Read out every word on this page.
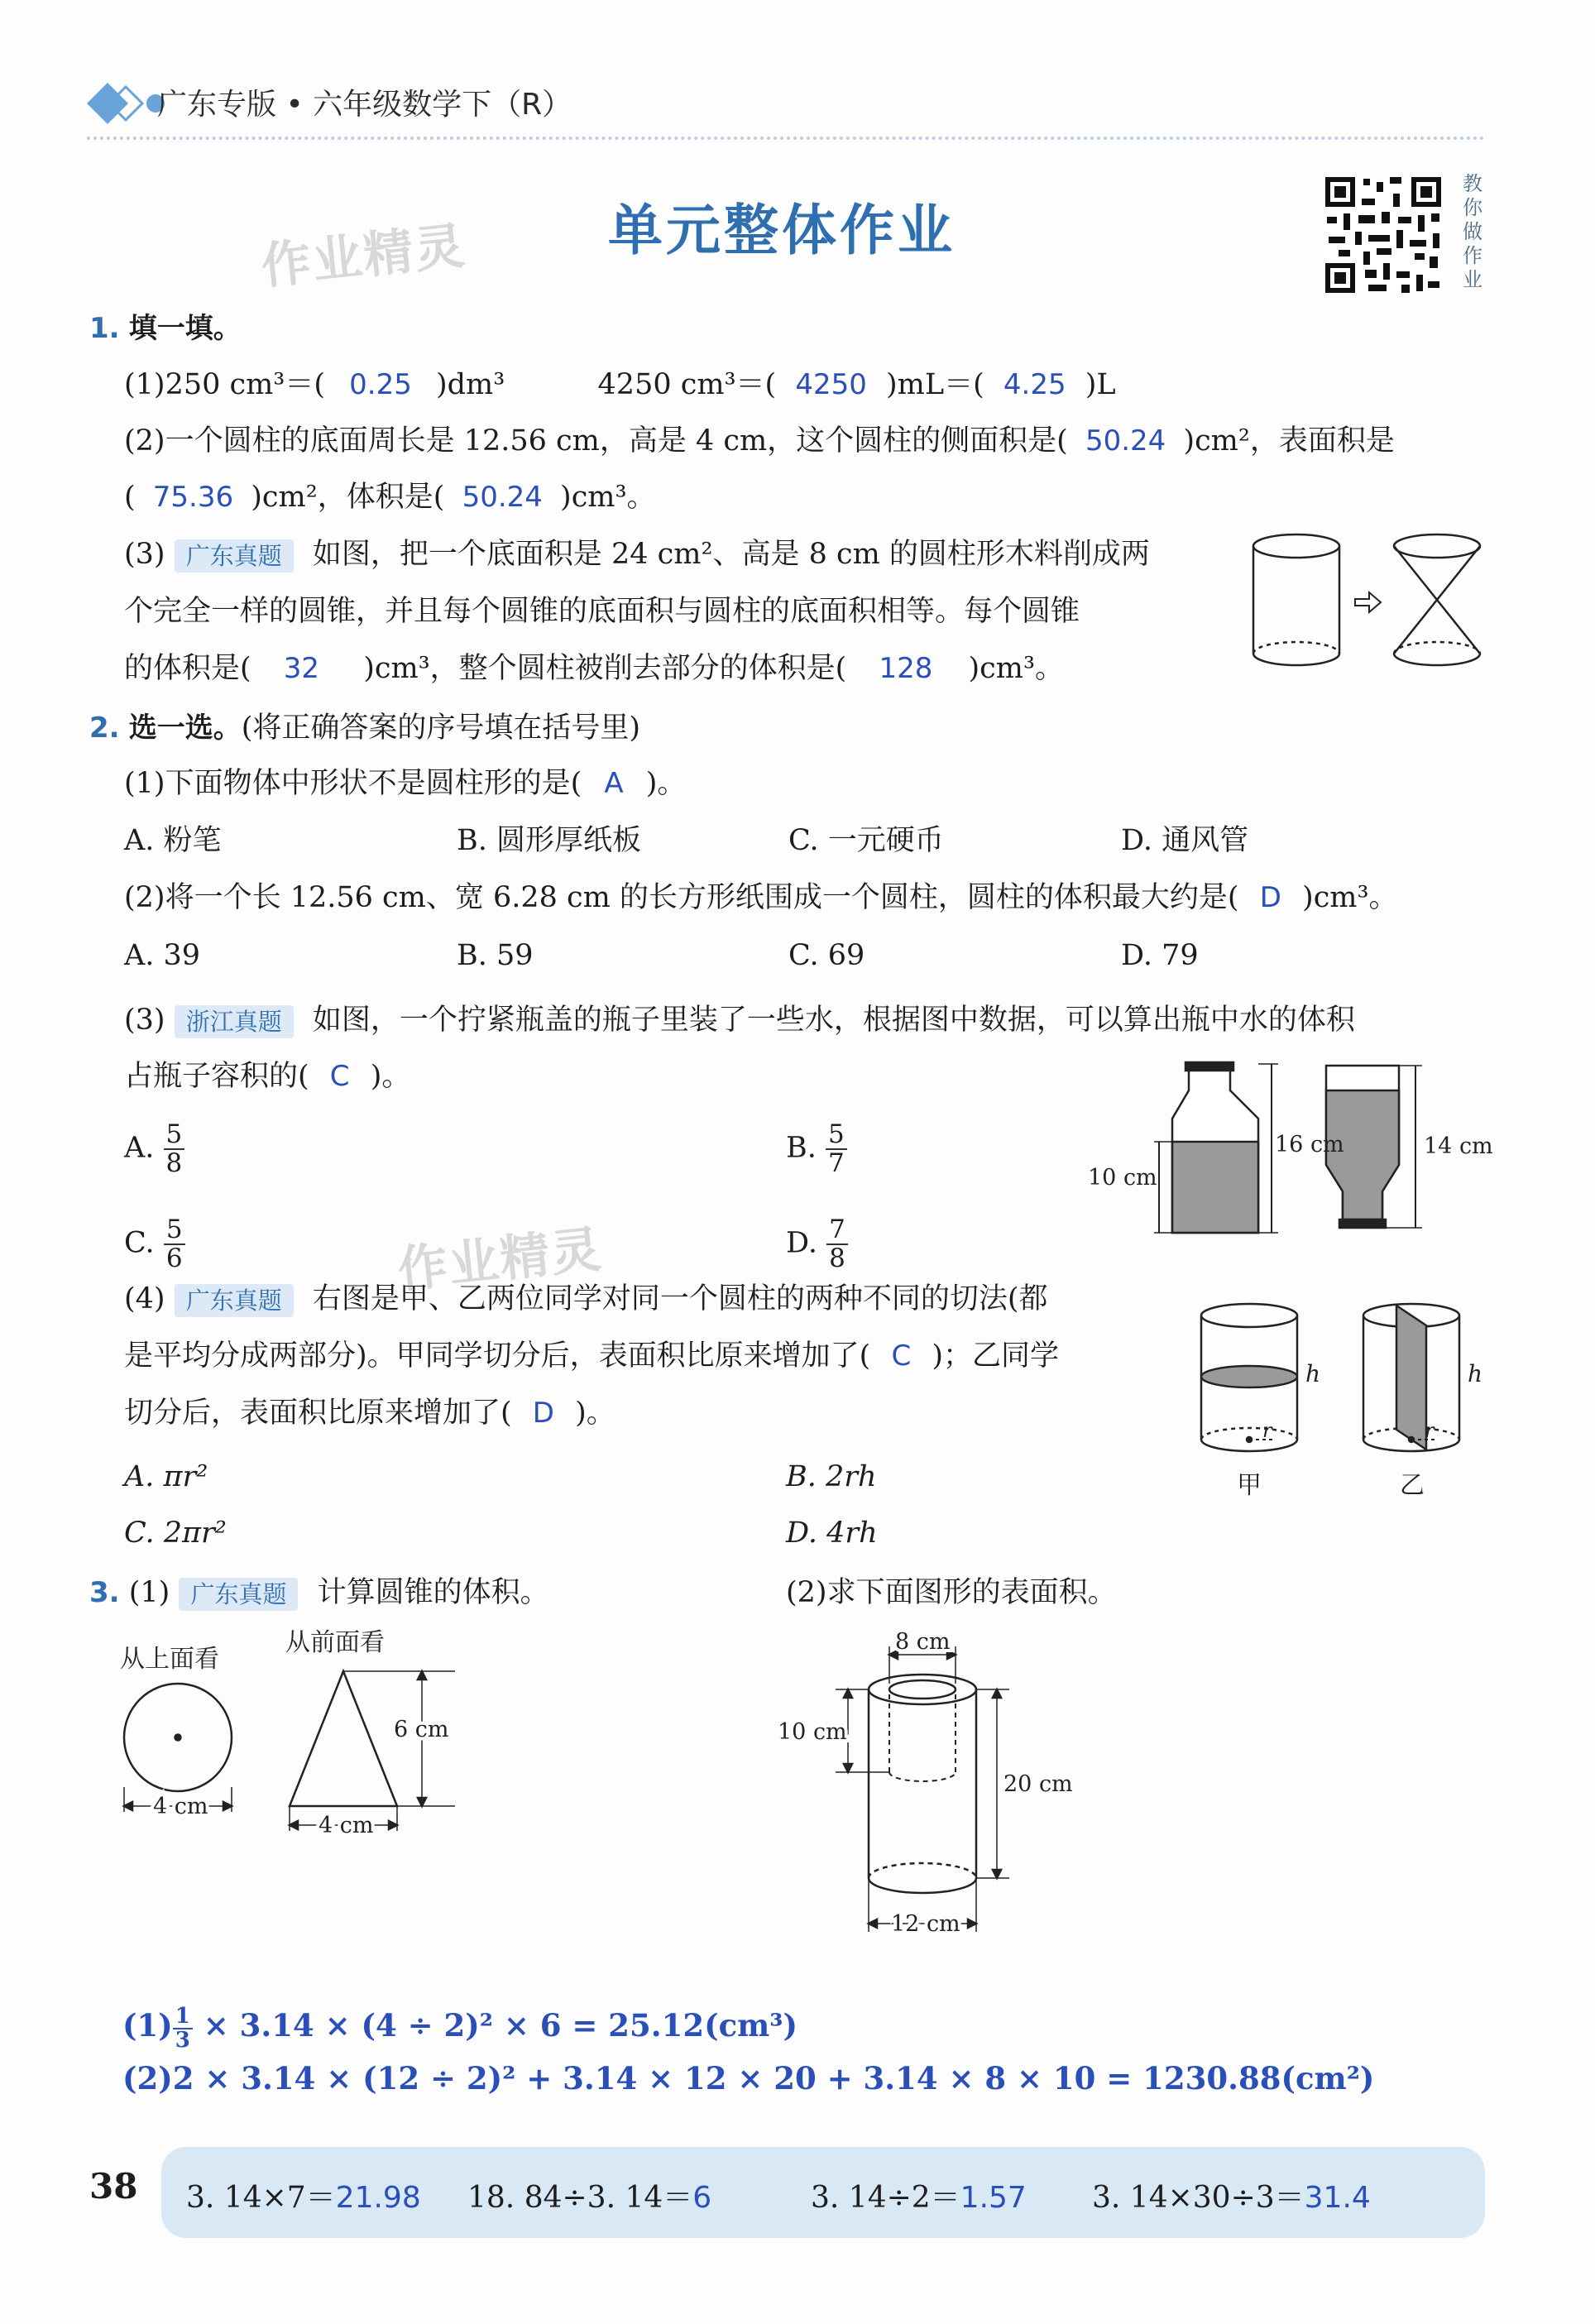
广东专版 • 六年级数学下（R）
单元整体作业
作业精灵
教你做作业
1. 填一填。
(1)250 cm³＝( 0.25 )dm³	4250 cm³＝( 4250 )mL＝( 4.25 )L
(2)一个圆柱的底面周长是 12.56 cm，高是 4 cm，这个圆柱的侧面积是( 50.24 )cm²，表面积是
( 75.36 )cm²，体积是( 50.24 )cm³。
(3) 广东真题 如图，把一个底面积是 24 cm²、高是 8 cm 的圆柱形木料削成两
个完全一样的圆锥，并且每个圆锥的底面积与圆柱的底面积相等。每个圆锥
的体积是( 32 )cm³，整个圆柱被削去部分的体积是( 128 )cm³。
2. 选一选。(将正确答案的序号填在括号里)
(1)下面物体中形状不是圆柱形的是( A )。
A. 粉笔	B. 圆形厚纸板	C. 一元硬币	D. 通风管
(2)将一个长 12.56 cm、宽 6.28 cm 的长方形纸围成一个圆柱，圆柱的体积最大约是( D )cm³。
A. 39	B. 59	C. 69	D. 79
(3) 浙江真题 如图，一个拧紧瓶盖的瓶子里装了一些水，根据图中数据，可以算出瓶中水的体积
占瓶子容积的( C )。
A. $\frac{5}{8}$	B. $\frac{5}{7}$
C. $\frac{5}{6}$	D. $\frac{7}{8}$
作业精灵
10 cm
16 cm	14 cm
(4) 广东真题 右图是甲、乙两位同学对同一个圆柱的两种不同的切法(都
是平均分成两部分)。甲同学切分后，表面积比原来增加了( C )；乙同学
切分后，表面积比原来增加了( D )。
A. πr²	B. 2rh
C. 2πr²	D. 4rh
h
r
h
r
甲	乙
3. (1) 广东真题 计算圆锥的体积。	(2)求下面图形的表面积。
从上面看
从前面看
6 cm
4 cm
4 cm
8 cm
10 cm
20 cm
12 cm
$(1) \frac{1}{3} \times 3.14 \times (4 \div 2)^2 \times 6 = 25.12(cm^3)$
(2)2 × 3.14 × (12 ÷ 2)² + 3.14 × 12 × 20 + 3.14 × 8 × 10 = 1230.88(cm²)
38 3. 14×7＝21.98 18. 84÷3. 14＝6	3. 14÷2＝1.57 3. 14×30÷3＝31.4
